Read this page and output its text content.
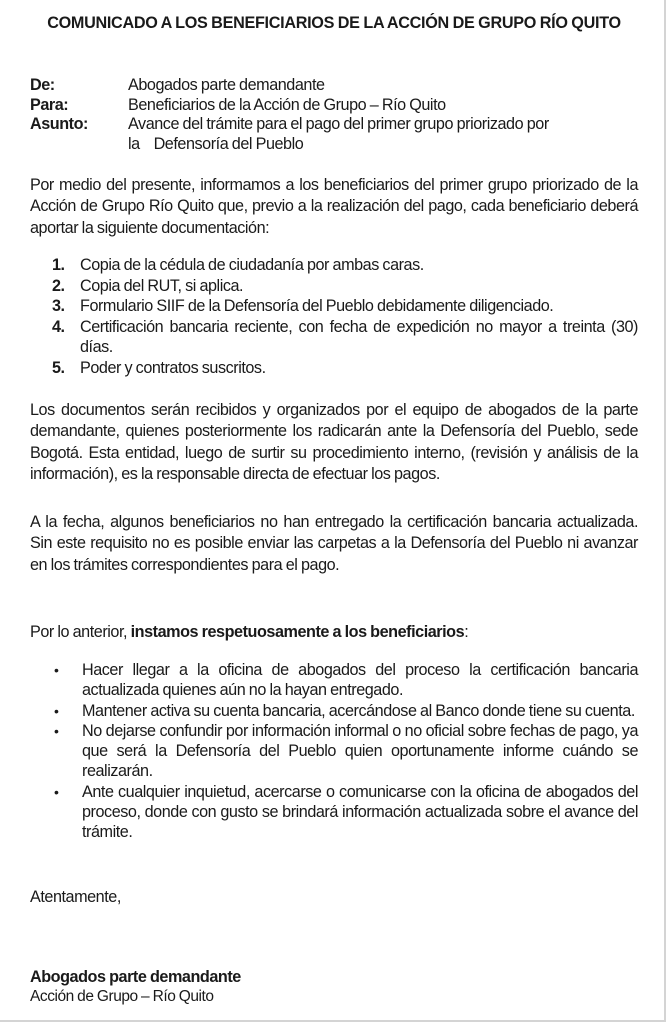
COMUNICADO A LOS BENEFICIARIOS DE LA ACCIÓN DE GRUPO RÍO QUITO
De:	Abogados parte demandante
Para:	Beneficiarios de la Acción de Grupo – Río Quito
Asunto:	Avance del trámite para el pago del primer grupo priorizado por
la Defensoría del Pueblo

Por medio del presente, informamos a los beneficiarios del primer grupo priorizado de la Acción de Grupo Río Quito que, previo a la realización del pago, cada beneficiario deberá aportar la siguiente documentación:

1. Copia de la cédula de ciudadanía por ambas caras.
2. Copia del RUT, si aplica.
3. Formulario SIIF de la Defensoría del Pueblo debidamente diligenciado.
4. Certificación bancaria reciente, con fecha de expedición no mayor a treinta (30) días.
5. Poder y contratos suscritos.

Los documentos serán recibidos y organizados por el equipo de abogados de la parte demandante, quienes posteriormente los radicarán ante la Defensoría del Pueblo, sede Bogotá. Esta entidad, luego de surtir su procedimiento interno, (revisión y análisis de la información), es la responsable directa de efectuar los pagos.

A la fecha, algunos beneficiarios no han entregado la certificación bancaria actualizada. Sin este requisito no es posible enviar las carpetas a la Defensoría del Pueblo ni avanzar en los trámites correspondientes para el pago.

Por lo anterior, instamos respetuosamente a los beneficiarios:

•	Hacer llegar a la oficina de abogados del proceso la certificación bancaria actualizada quienes aún no la hayan entregado.
•	Mantener activa su cuenta bancaria, acercándose al Banco donde tiene su cuenta.
•	No dejarse confundir por información informal o no oficial sobre fechas de pago, ya que será la Defensoría del Pueblo quien oportunamente informe cuándo se realizarán.
•	Ante cualquier inquietud, acercarse o comunicarse con la oficina de abogados del proceso, donde con gusto se brindará información actualizada sobre el avance del trámite.
Atentamente,
Abogados parte demandante
Acción de Grupo – Río Quito
